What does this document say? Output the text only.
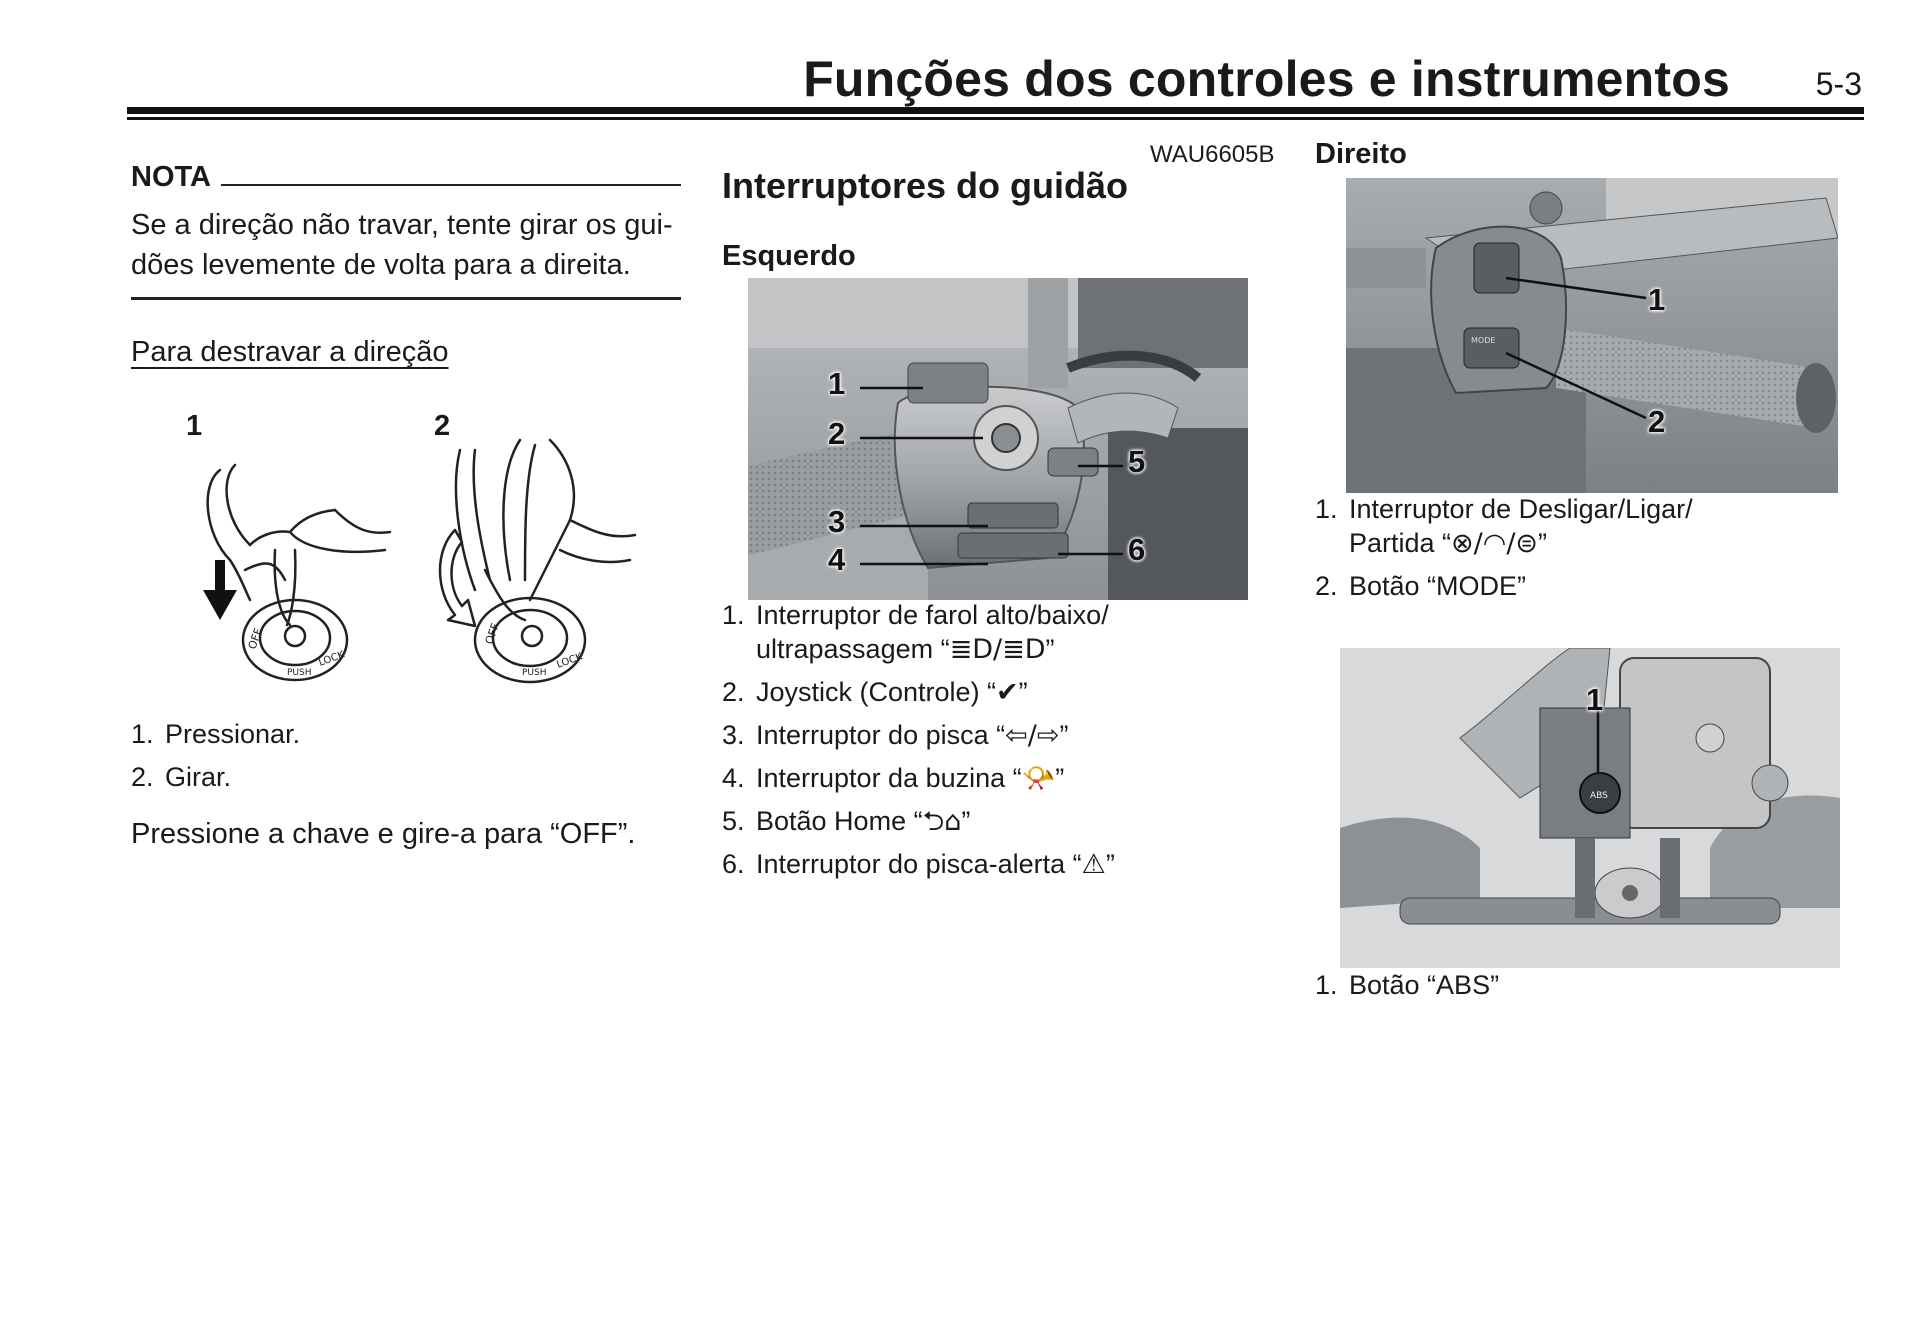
Funções dos controles e instrumentos	5-3
NOTA

Se a direção não travar, tente girar os gui-
dões levemente de volta para a direita.

Para destravar a direção
1	2
OFF
PUSH
LOCK
OFF
PUSH
LOCK
1. Pressionar.
2. Girar.

Pressione a chave e gire-a para “OFF”.

WAU6605B
Interruptores do guidão
Esquerdo
1
2
3
4
5
6
1. Interruptor de farol alto/baixo/
ultrapassagem “≣D/≣D”
2. Joystick (Controle) “✔”
3. Interruptor do pisca “⇦/⇨”
4. Interruptor da buzina “📯”
5. Botão Home “⮌⌂”
6. Interruptor do pisca-alerta “⚠”
Direito
MODE
1
2
1. Interruptor de Desligar/Ligar/
Partida “⊗/◠/⊜”
2. Botão “MODE”
ABS
1
1. Botão “ABS”
